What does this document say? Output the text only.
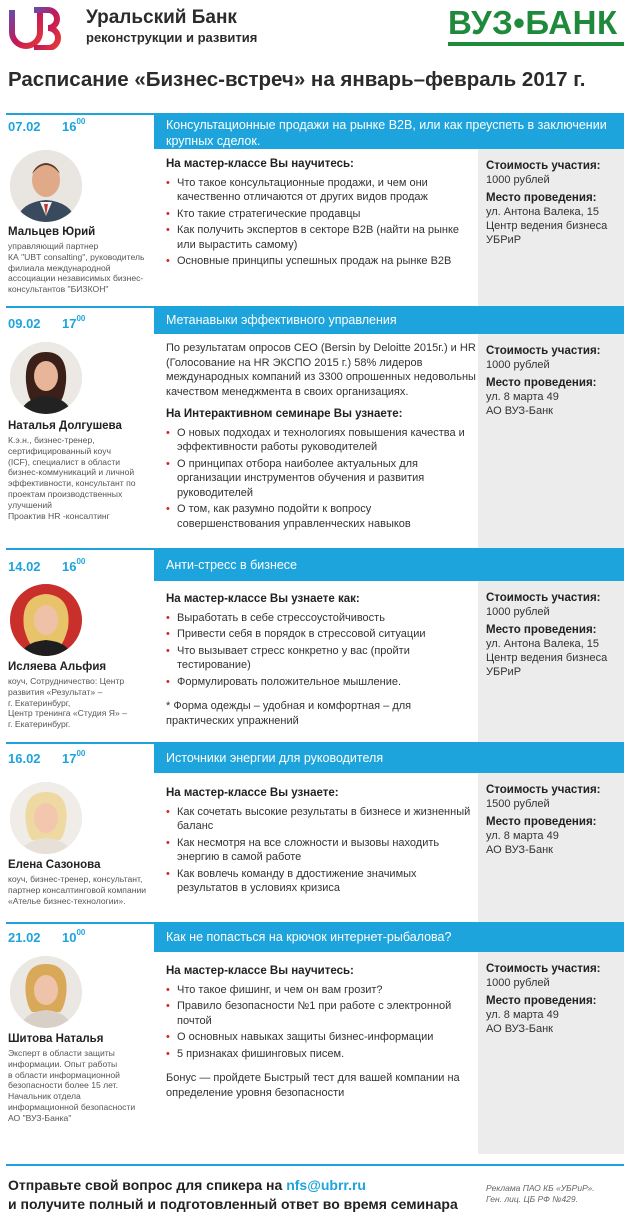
Уральский Банк
реконструкции и развития	ВУЗ•БАНК
Расписание «Бизнес-встреч» на январь–февраль 2017 г.
07.02 $16^{00}$	Консультационные продажи на рынке B2B, или как преуспеть в заключении крупных сделок.
Мальцев Юрий
управляющий партнер
КА "UBT consalting", руководитель
филиала международной
ассоциации независимых бизнес-
консультантов "БИЗКОН"
На мастер-классе Вы научитесь:
• Что такое консультационные продажи, и чем они качественно отличаются от других видов продаж
• Кто такие стратегические продавцы
• Как получить экспертов в секторе B2B (найти на рынке или вырастить самому)
• Основные принципы успешных продаж на рынке B2B
Стоимость участия:
1000 рублей
Место проведения:
ул. Антона Валека, 15
Центр ведения бизнеса
УБРиР
09.02 $17^{00}$	Метанавыки эффективного управления
Наталья Долгушева
К.э.н., бизнес-тренер,
сертифицированный коуч
(ICF), специалист в области
бизнес-коммуникаций и личной
эффективности, консультант по
проектам производственных
улучшений
Проактив HR -консалтинг
По результатам опросов CEO (Bersin by Deloitte 2015г.) и HR (Голосование на HR ЭКСПО 2015 г.) 58% лидеров международных компаний из 3300 опрошенных недовольны качеством менеджмента в своих организациях.
На Интерактивном семинаре Вы узнаете:
• О новых подходах и технологиях повышения качества и эффективности работы руководителей
• О принципах отбора наиболее актуальных для организации инструментов обучения и развития руководителей
• О том, как разумно подойти к вопросу совершенствования управленческих навыков
Стоимость участия:
1000 рублей
Место проведения:
ул. 8 марта 49
АО ВУЗ-Банк
14.02 $16^{00}$	Анти-стресс в бизнесе
Исляева Альфия
коуч, Сотрудничество: Центр
развития «Результат» –
г. Екатеринбург,
Центр тренинга «Студия Я» –
г. Екатеринбург.
На мастер-классе Вы узнаете как:
• Выработать в себе стрессоустойчивость
• Привести себя в порядок в стрессовой ситуации
• Что вызывает стресс конкретно у вас (пройти тестирование)
• Формулировать положительное мышление.
* Форма одежды – удобная и комфортная – для практических упражнений
Стоимость участия:
1000 рублей
Место проведения:
ул. Антона Валека, 15
Центр ведения бизнеса
УБРиР
16.02 $17^{00}$	Источники энергии для руководителя
Елена Сазонова
коуч, бизнес-тренер, консультант,
партнер консалтинговой компании
«Ателье бизнес-технологии».
На мастер-классе Вы узнаете:
• Как сочетать высокие результаты в бизнесе и жизненный баланс
• Как несмотря на все сложности и вызовы находить энергию в самой работе
• Как вовлечь команду в ддостижение значимых результатов в условиях кризиса
Стоимость участия:
1500 рублей
Место проведения:
ул. 8 марта 49
АО ВУЗ-Банк
21.02 $10^{00}$	Как не попасться на крючок интернет-рыбалова?
Шитова Наталья
Эксперт в области защиты
информации. Опыт работы
в области информационной
безопасности более 15 лет.
Начальник отдела
информационной безопасности
АО "ВУЗ-Банка"
На мастер-классе Вы научитесь:
• Что такое фишинг, и чем он вам грозит?
• Правило безопасности №1 при работе с электронной почтой
• О основных навыках защиты бизнес-информации
• 5 признаках фишинговых писем.
Бонус — пройдете Быстрый тест для вашей компании на определение уровня безопасности
Стоимость участия:
1000 рублей
Место проведения:
ул. 8 марта 49
АО ВУЗ-Банк
Отправьте свой вопрос для спикера на nfs@ubrr.ru
и получите полный и подготовленный ответ во время семинара
Реклама ПАО КБ «УБРиР».
Ген. лиц. ЦБ РФ №429.
